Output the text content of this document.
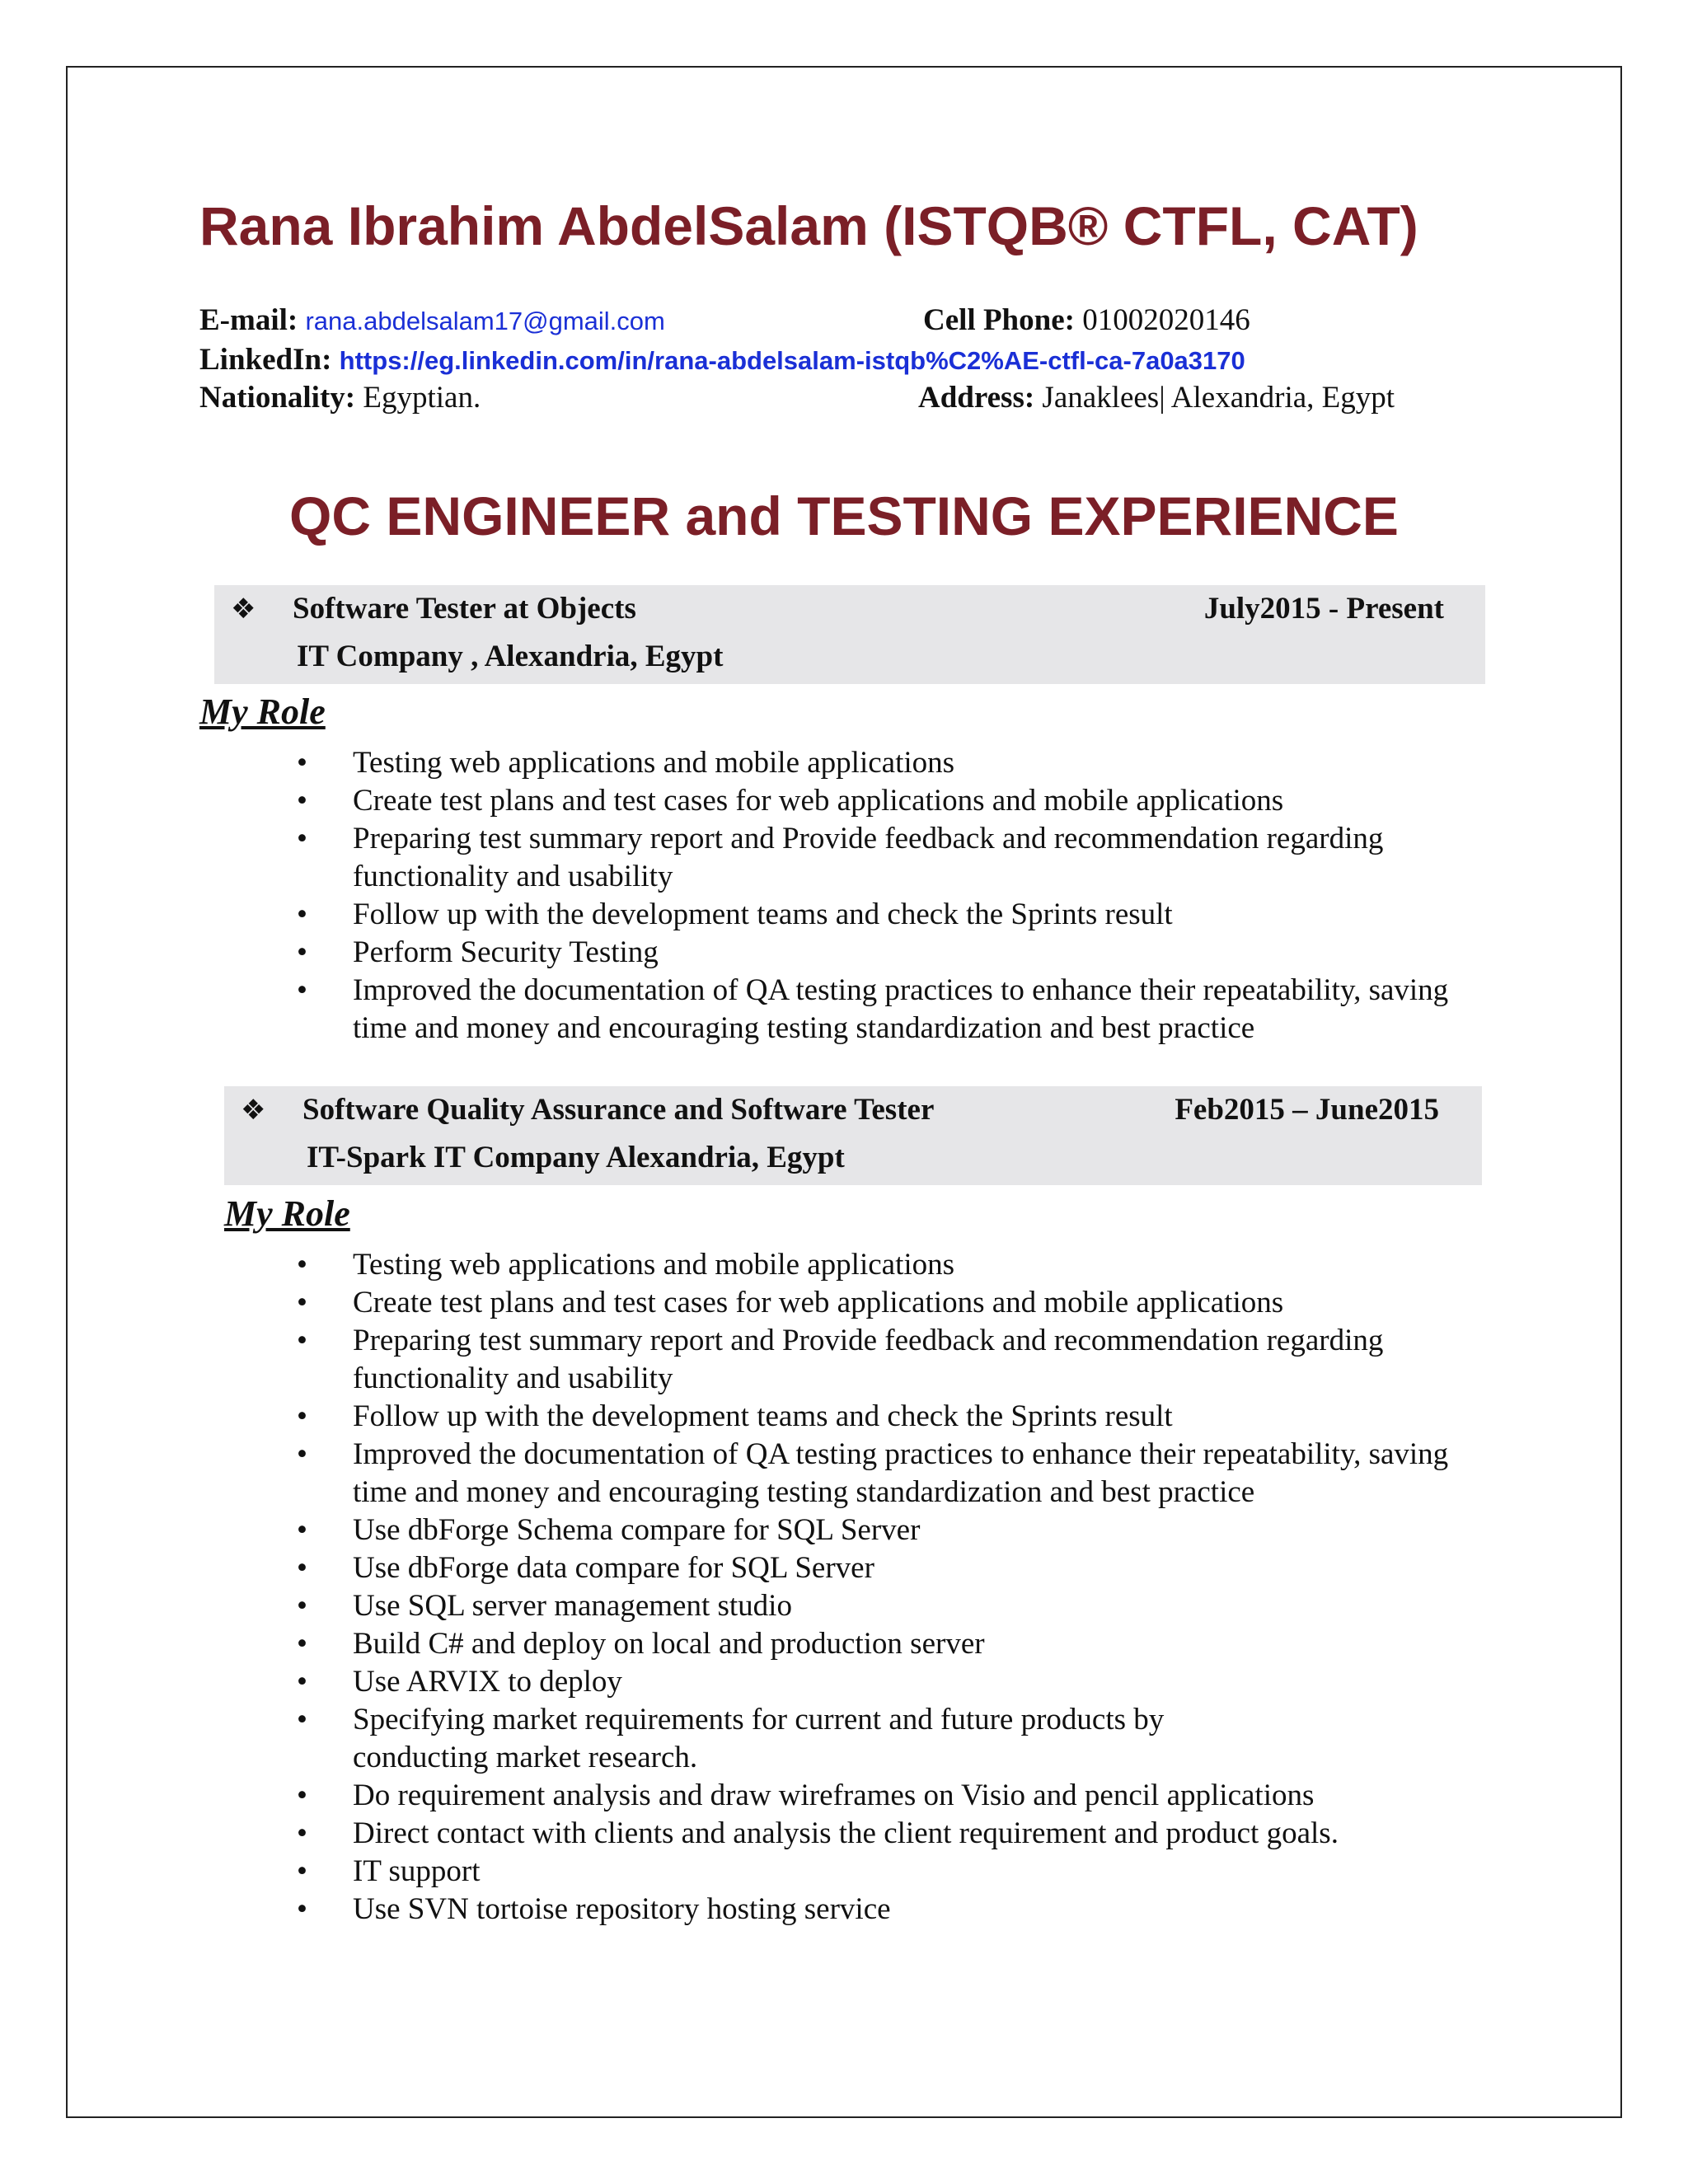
Rana Ibrahim AbdelSalam (ISTQB® CTFL, CAT)
E-mail: rana.abdelsalam17@gmail.com	Cell Phone: 01002020146
LinkedIn: https://eg.linkedin.com/in/rana-abdelsalam-istqb%C2%AE-ctfl-ca-7a0a3170
Nationality: Egyptian.	Address: Janaklees| Alexandria, Egypt
QC ENGINEER and TESTING EXPERIENCE
❖ Software Tester at Objects	July2015 - Present
IT Company , Alexandria, Egypt
My Role
• Testing web applications and mobile applications
• Create test plans and test cases for web applications and mobile applications
• Preparing test summary report and Provide feedback and recommendation regarding functionality and usability
• Follow up with the development teams and check the Sprints result
• Perform Security Testing
• Improved the documentation of QA testing practices to enhance their repeatability, saving time and money and encouraging testing standardization and best practice
❖ Software Quality Assurance and Software Tester	Feb2015 – June2015
IT-Spark IT Company Alexandria, Egypt
My Role
• Testing web applications and mobile applications
• Create test plans and test cases for web applications and mobile applications
• Preparing test summary report and Provide feedback and recommendation regarding functionality and usability
• Follow up with the development teams and check the Sprints result
• Improved the documentation of QA testing practices to enhance their repeatability, saving time and money and encouraging testing standardization and best practice
• Use dbForge Schema compare for SQL Server
• Use dbForge data compare for SQL Server
• Use SQL server management studio
• Build C# and deploy on local and production server
• Use ARVIX to deploy
• Specifying market requirements for current and future products by conducting market research.
• Do requirement analysis and draw wireframes on Visio and pencil applications
• Direct contact with clients and analysis the client requirement and product goals.
• IT support
• Use SVN tortoise repository hosting service
